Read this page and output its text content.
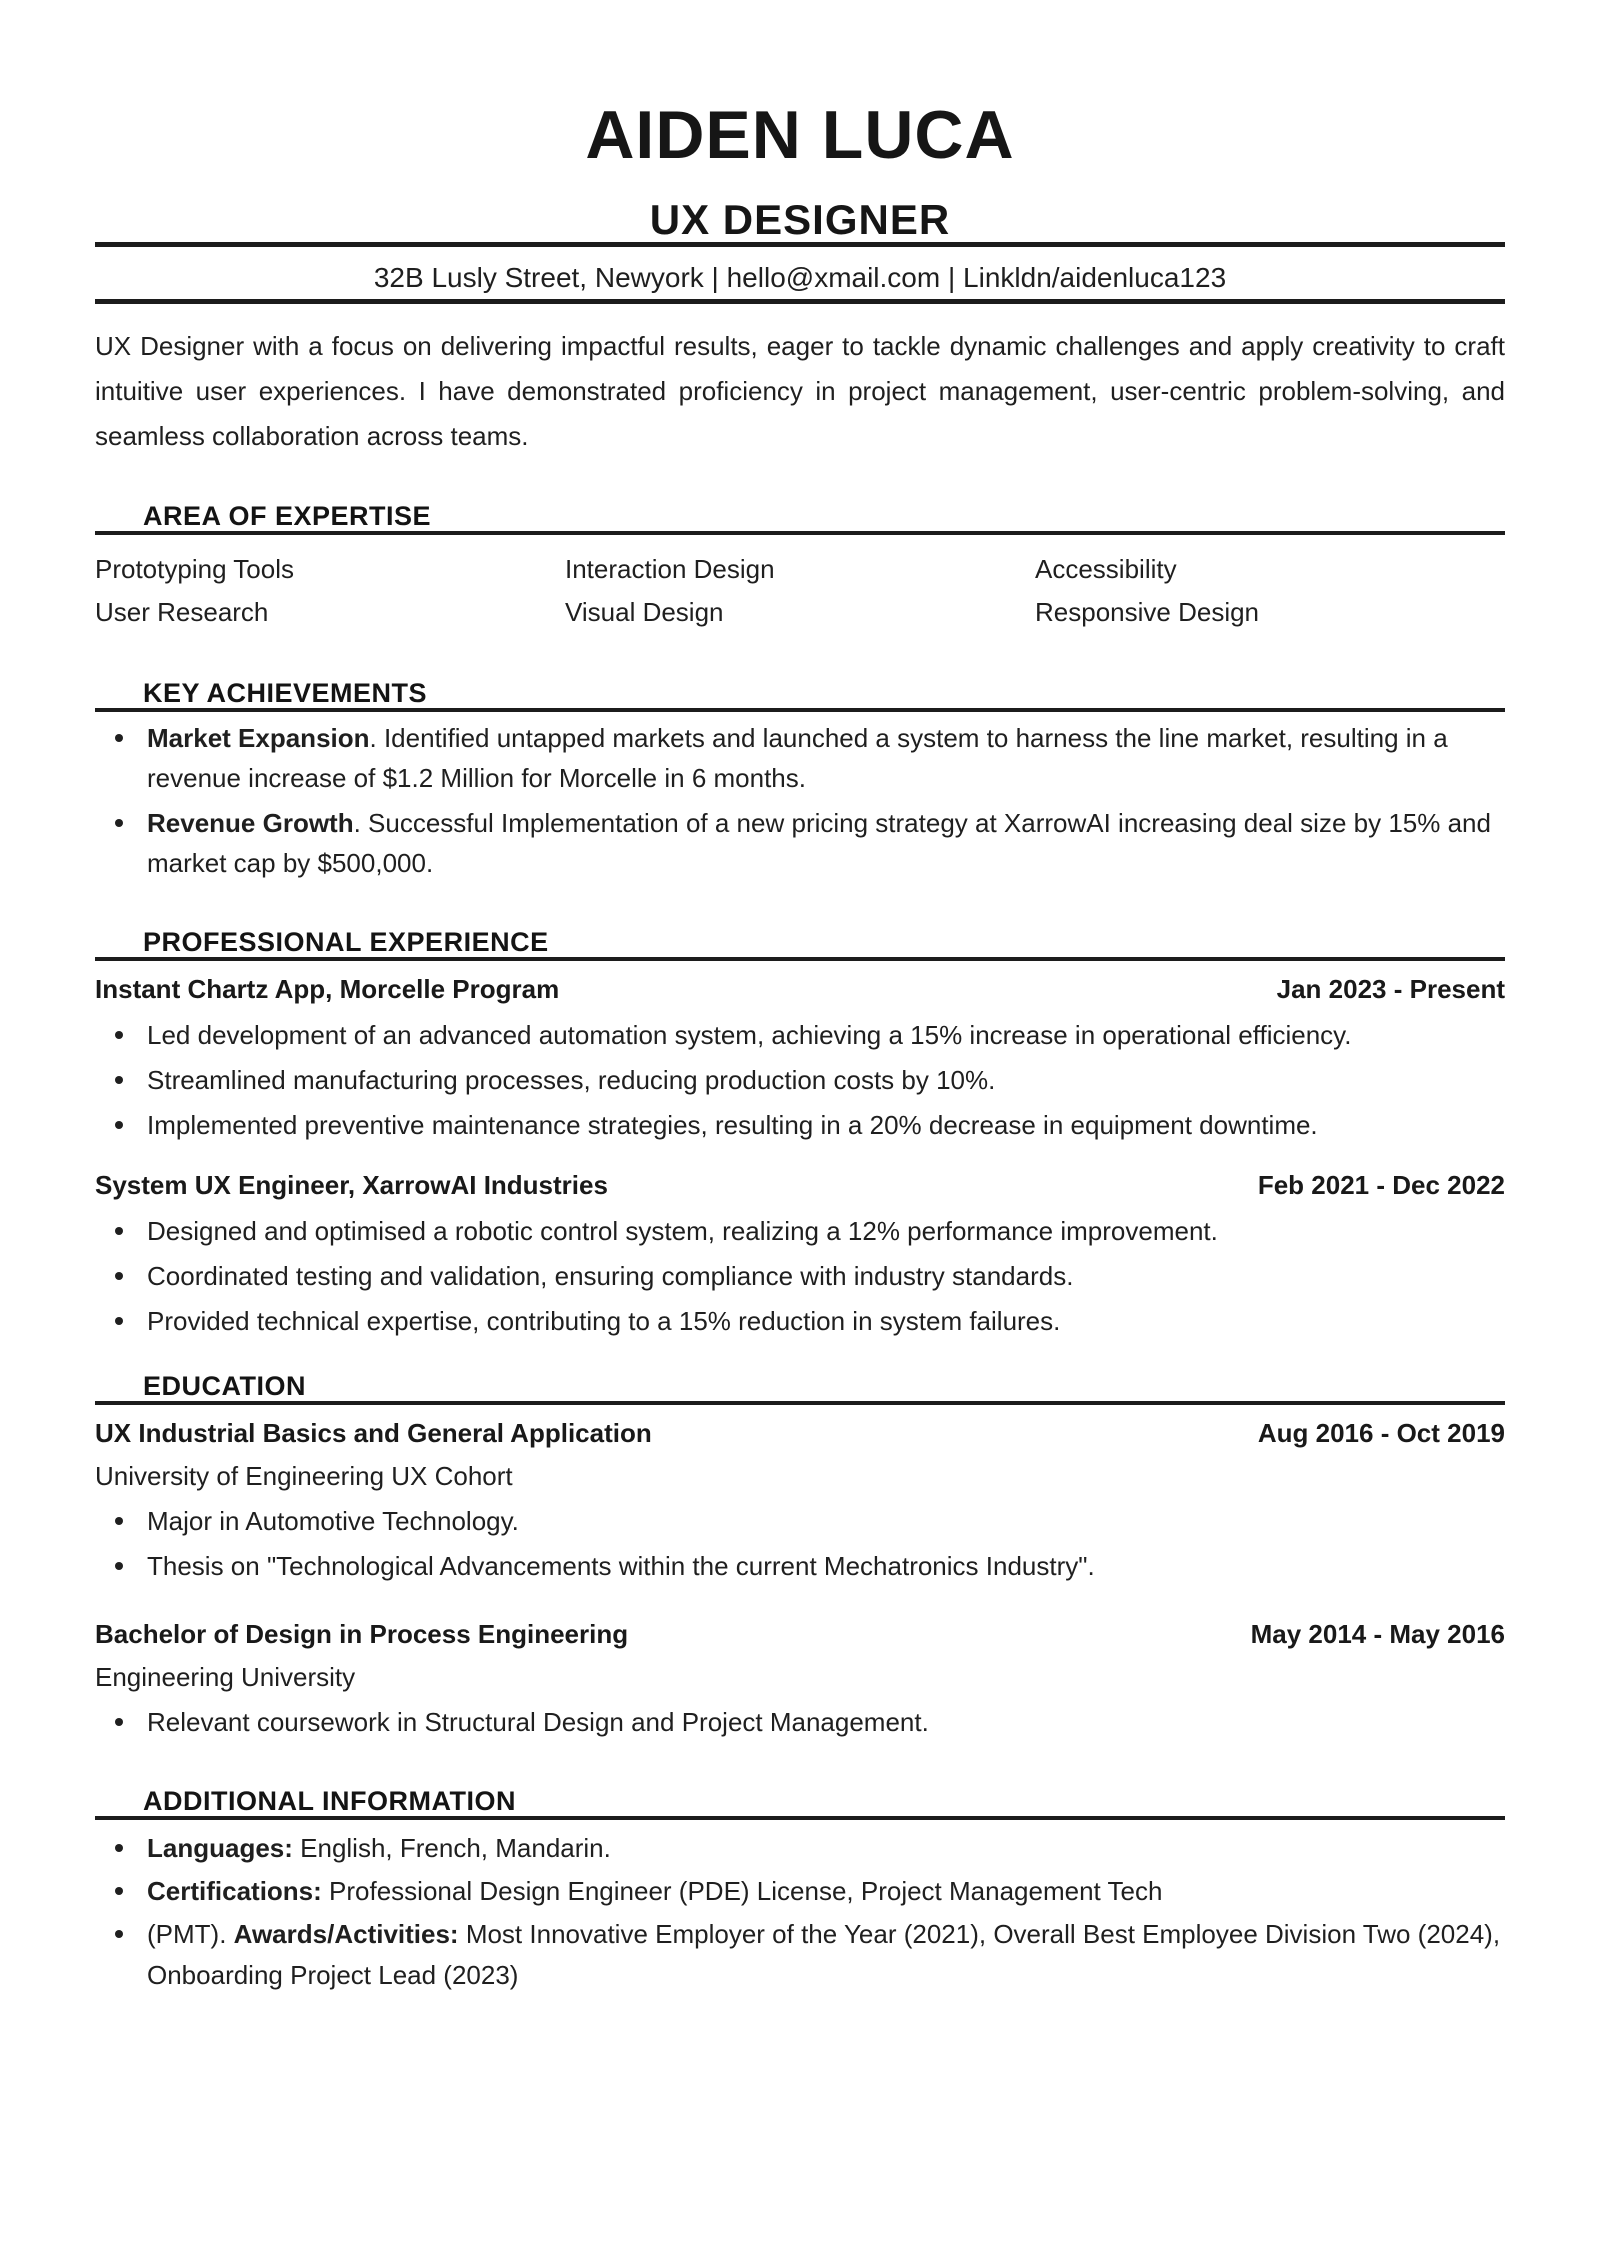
AIDEN LUCA
UX DESIGNER
32B Lusly Street, Newyork | hello@xmail.com | Linkldn/aidenluca123

UX Designer with a focus on delivering impactful results, eager to tackle dynamic challenges and apply creativity to craft intuitive user experiences. I have demonstrated proficiency in project management, user-centric problem-solving, and seamless collaboration across teams.

AREA OF EXPERTISE
Prototyping Tools	Interaction Design	Accessibility
User Research	Visual Design	Responsive Design
KEY ACHIEVEMENTS
Market Expansion. Identified untapped markets and launched a system to harness the line market, resulting in a revenue increase of $1.2 Million for Morcelle in 6 months.
Revenue Growth. Successful Implementation of a new pricing strategy at XarrowAI increasing deal size by 15% and market cap by $500,000.
PROFESSIONAL EXPERIENCE
Instant Chartz App, Morcelle Program	Jan 2023 - Present
Led development of an advanced automation system, achieving a 15% increase in operational efficiency.
Streamlined manufacturing processes, reducing production costs by 10%.
Implemented preventive maintenance strategies, resulting in a 20% decrease in equipment downtime.
System UX Engineer, XarrowAI Industries	Feb 2021 - Dec 2022
Designed and optimised a robotic control system, realizing a 12% performance improvement.
Coordinated testing and validation, ensuring compliance with industry standards.
Provided technical expertise, contributing to a 15% reduction in system failures.
EDUCATION
UX Industrial Basics and General Application	Aug 2016 - Oct 2019
University of Engineering UX Cohort
Major in Automotive Technology.
Thesis on "Technological Advancements within the current Mechatronics Industry".
Bachelor of Design in Process Engineering	May 2014 - May 2016
Engineering University
Relevant coursework in Structural Design and Project Management.
ADDITIONAL INFORMATION
Languages: English, French, Mandarin.
Certifications: Professional Design Engineer (PDE) License, Project Management Tech
(PMT). Awards/Activities: Most Innovative Employer of the Year (2021), Overall Best Employee Division Two (2024), Onboarding Project Lead (2023)
